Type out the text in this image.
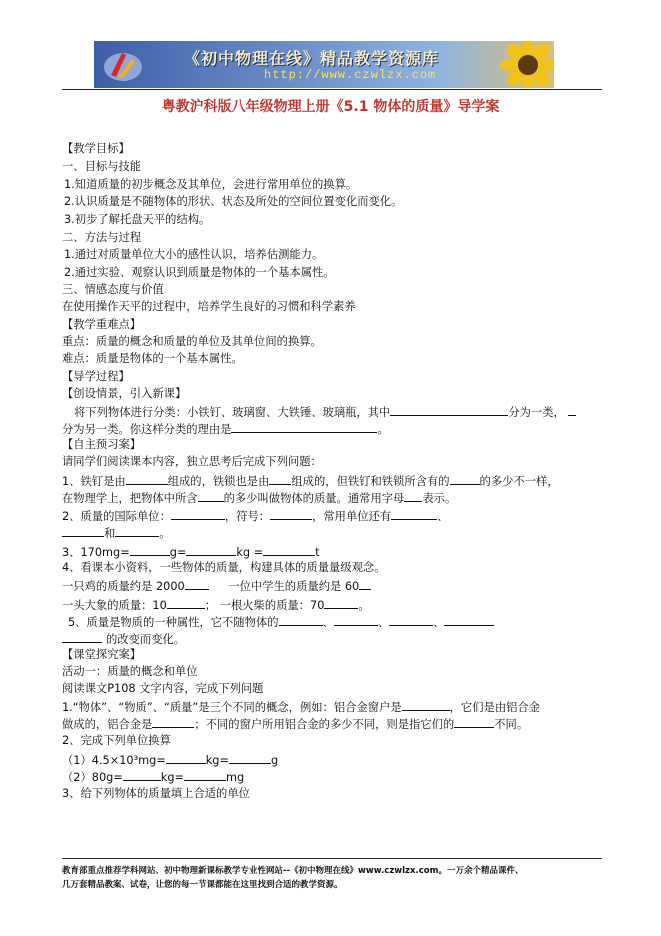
《初中物理在线》精品教学资源库
http://www.czwlzx.com
粤教沪科版八年级物理上册《5.1 物体的质量》导学案
【教学目标】
一、目标与技能
1.知道质量的初步概念及其单位，会进行常用单位的换算。
2.认识质量是不随物体的形状、状态及所处的空间位置变化而变化。
3.初步了解托盘天平的结构。
二、方法与过程
1.通过对质量单位大小的感性认识，培养估测能力。
2.通过实验、观察认识到质量是物体的一个基本属性。
三、情感态度与价值
在使用操作天平的过程中，培养学生良好的习惯和科学素养
【教学重难点】
重点：质量的概念和质量的单位及其单位间的换算。
难点：质量是物体的一个基本属性。
【导学过程】
【创设情景，引入新课】
将下列物体进行分类：小铁钉、玻璃窗、大铁锤、玻璃瓶，其中	分为一类，
分为另一类。你这样分类的理由是	。
【自主预习案】
请同学们阅读课本内容，独立思考后完成下列问题：
1、铁钉是由	组成的，铁锁也是由 组成的，但铁钉和铁锁所含有的	的多少不一样，
在物理学上，把物体中所含 的多少叫做物体的质量。通常用字母 表示。
2、质量的国际单位：	，符号：	，常用单位还有	、
和	。
3、170mg=	g=	kg =	t
4、看课本小资料，一些物体的质量，构建具体的质量量级观念。
一只鸡的质量约是 2000	一位中学生的质量约是 60
一头大象的质量：10	； 一根火柴的质量：70	。
5、质量是物质的一种属性，它不随物体的	、	、	、
的改变而变化。
【课堂探究案】
活动一：质量的概念和单位
阅读课文P108 文字内容，完成下列问题
1.“物体”、“物质”、“质量”是三个不同的概念，例如：铝合金窗户是	，它们是由铝合金
做成的，铝合金是	；不同的窗户所用铝合金的多少不同，则是指它们的	不同。
2、完成下列单位换算
（1）4.5×10³mg=	kg=	g
（2）80g=	kg=	mg
3、给下列物体的质量填上合适的单位
教育部重点推荐学科网站、初中物理新课标教学专业性网站--《初中物理在线》www.czwlzx.com。一万余个精品课件、
几万套精品教案、试卷，让您的每一节课都能在这里找到合适的教学资源。
